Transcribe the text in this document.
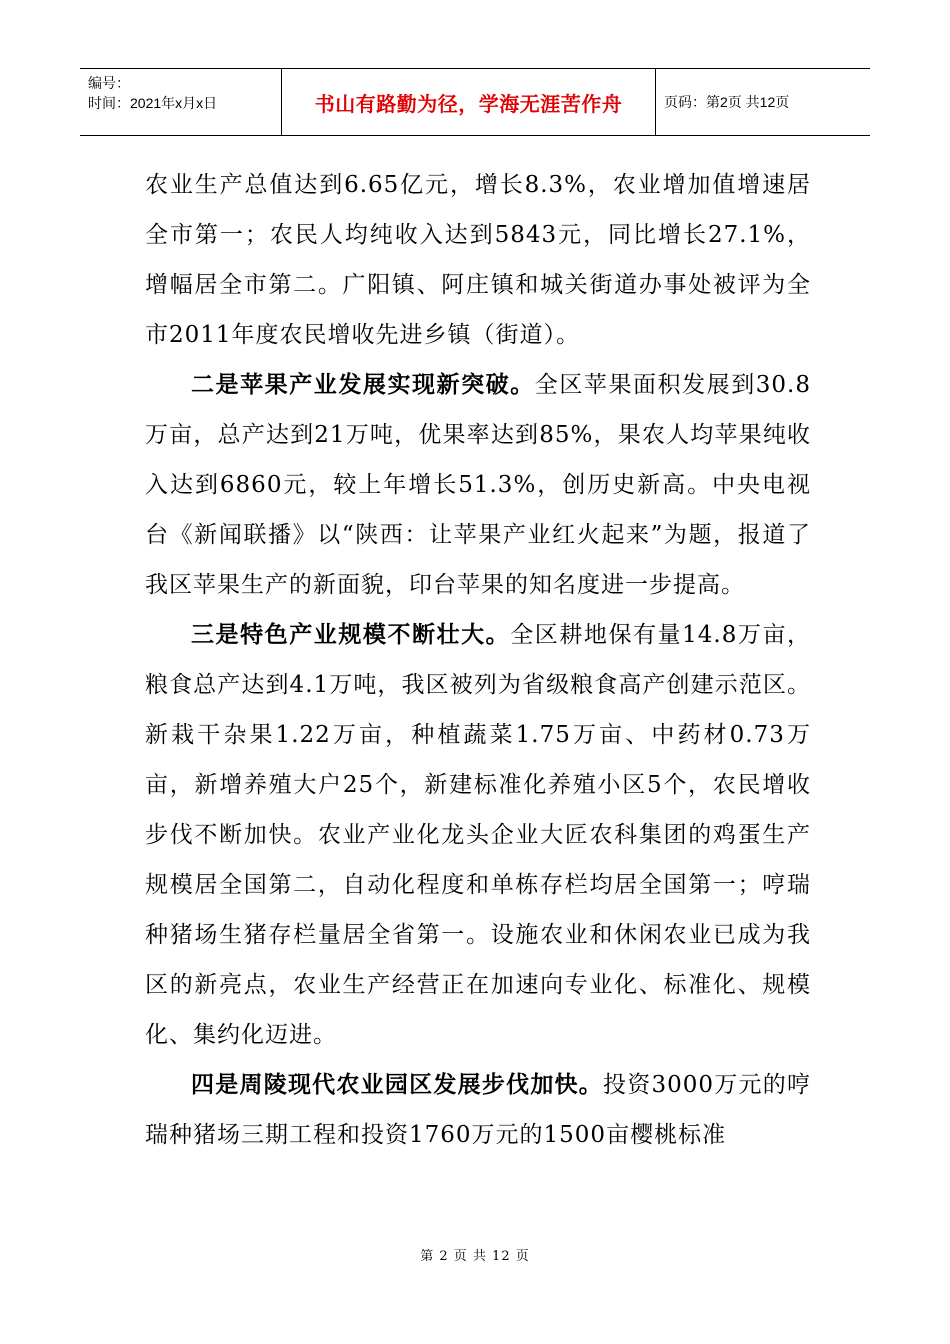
编号：
时间：2021年x月x日	书山有路勤为径，学海无涯苦作舟	页码：第2页 共12页

农业生产总值达到6.65亿元，增长8.3%，农业增加值增速居全市第一；农民人均纯收入达到5843元，同比增长27.1%，增幅居全市第二。广阳镇、阿庄镇和城关街道办事处被评为全市2011年度农民增收先进乡镇（街道）。

二是苹果产业发展实现新突破。全区苹果面积发展到30.8万亩，总产达到21万吨，优果率达到85%，果农人均苹果纯收入达到6860元，较上年增长51.3%，创历史新高。中央电视台《新闻联播》以“陕西：让苹果产业红火起来”为题，报道了我区苹果生产的新面貌，印台苹果的知名度进一步提高。

三是特色产业规模不断壮大。全区耕地保有量14.8万亩，粮食总产达到4.1万吨，我区被列为省级粮食高产创建示范区。新栽干杂果1.22万亩，种植蔬菜1.75万亩、中药材0.73万亩，新增养殖大户25个，新建标准化养殖小区5个，农民增收步伐不断加快。农业产业化龙头企业大匠农科集团的鸡蛋生产规模居全国第二，自动化程度和单栋存栏均居全国第一；哼瑞种猪场生猪存栏量居全省第一。设施农业和休闲农业已成为我区的新亮点，农业生产经营正在加速向专业化、标准化、规模化、集约化迈进。

四是周陵现代农业园区发展步伐加快。投资3000万元的哼瑞种猪场三期工程和投资1760万元的1500亩樱桃标准

第 2 页 共 12 页
